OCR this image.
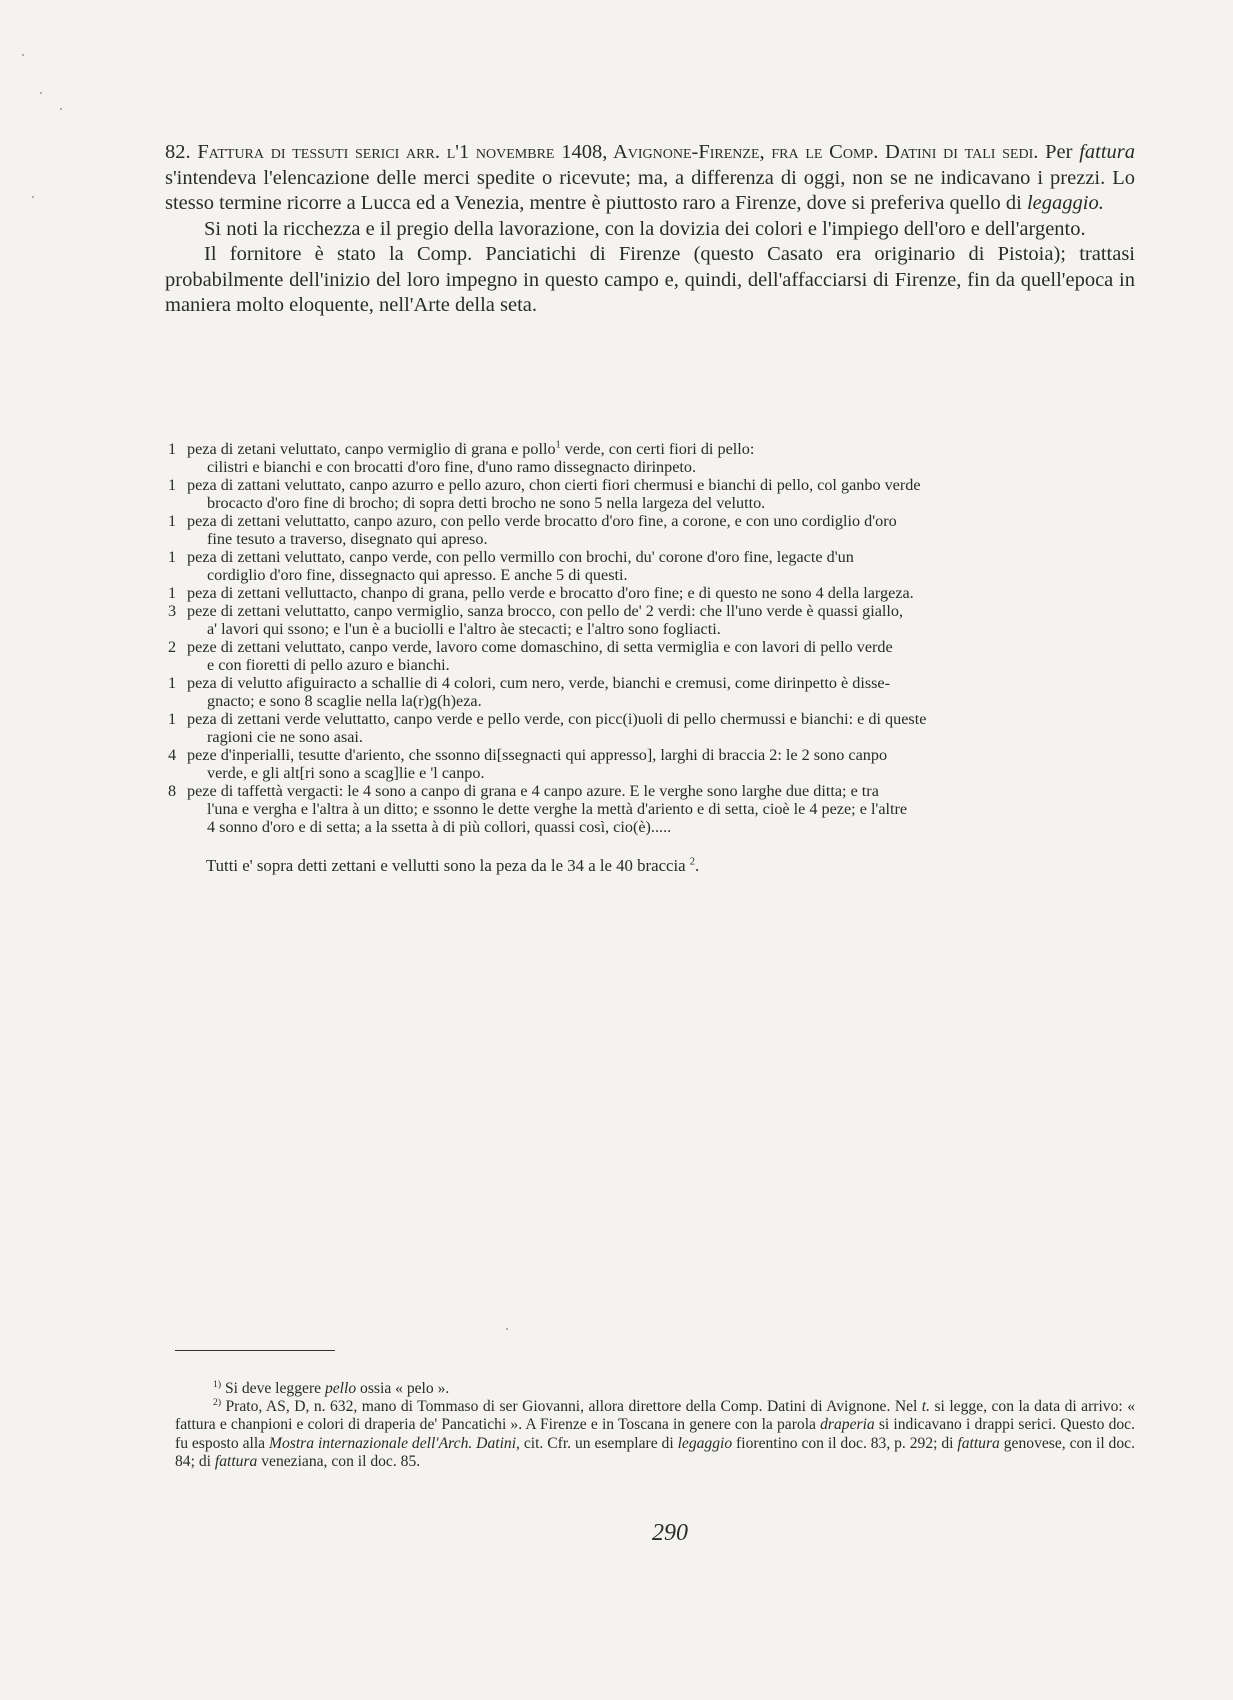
82. Fattura di tessuti serici arr. l'1 novembre 1408, Avignone-Firenze, fra le Comp. Datini di tali sedi. Per fattura s'intendeva l'elencazione delle merci spedite o ricevute; ma, a differenza di oggi, non se ne indicavano i prezzi. Lo stesso termine ricorre a Lucca ed a Venezia, mentre è piuttosto raro a Firenze, dove si preferiva quello di legaggio.

Si noti la ricchezza e il pregio della lavorazione, con la dovizia dei colori e l'impiego dell'oro e dell'argento.

Il fornitore è stato la Comp. Panciatichi di Firenze (questo Casato era originario di Pistoia); trattasi probabilmente dell'inizio del loro impegno in questo campo e, quindi, dell'affacciarsi di Firenze, fin da quell'epoca in maniera molto eloquente, nell'Arte della seta.

1 peza di zetani veluttato, canpo vermiglio di grana e pollo$^1$ verde, con certi fiori di pello:
cilistri e bianchi e con brocatti d'oro fine, d'uno ramo dissegnacto dirinpeto.

1 peza di zattani veluttato, canpo azurro e pello azuro, chon cierti fiori chermusi e bianchi di pello, col ganbo verde
brocacto d'oro fine di brocho; di sopra detti brocho ne sono 5 nella largeza del velutto.

1 peza di zettani veluttatto, canpo azuro, con pello verde brocatto d'oro fine, a corone, e con uno cordiglio d'oro
fine tesuto a traverso, disegnato qui apreso.

1 peza di zettani veluttato, canpo verde, con pello vermillo con brochi, du' corone d'oro fine, legacte d'un
cordiglio d'oro fine, dissegnacto qui apresso. E anche 5 di questi.

1 peza di zettani velluttacto, chanpo di grana, pello verde e brocatto d'oro fine; e di questo ne sono 4 della largeza.

3 peze di zettani veluttatto, canpo vermiglio, sanza brocco, con pello de' 2 verdi: che ll'uno verde è quassi giallo,
a' lavori qui ssono; e l'un è a buciolli e l'altro àe stecacti; e l'altro sono fogliacti.

2 peze di zettani veluttato, canpo verde, lavoro come domaschino, di setta vermiglia e con lavori di pello verde
e con fioretti di pello azuro e bianchi.

1 peza di velutto afiguiracto a schallie di 4 colori, cum nero, verde, bianchi e cremusi, come dirinpetto è disse-
gnacto; e sono 8 scaglie nella la(r)g(h)eza.

1 peza di zettani verde veluttatto, canpo verde e pello verde, con picc(i)uoli di pello chermussi e bianchi: e di queste
ragioni cie ne sono asai.

4 peze d'inperialli, tesutte d'ariento, che ssonno di[ssegnacti qui appresso], larghi di braccia 2: le 2 sono canpo
verde, e gli alt[ri sono a scag]lie e 'l canpo.

8 peze di taffettà vergacti: le 4 sono a canpo di grana e 4 canpo azure. E le verghe sono larghe due ditta; e tra
l'una e vergha e l'altra à un ditto; e ssonno le dette verghe la mettà d'ariento e di setta, cioè le 4 peze; e l'altre
4 sonno d'oro e di setta; a la ssetta à di più collori, quassi così, cio(è).....

Tutti e' sopra detti zettani e vellutti sono la peza da le 34 a le 40 braccia $^2$.

$^{1)}$ Si deve leggere pello ossia « pelo ».

$^{2)}$ Prato, AS, D, n. 632, mano di Tommaso di ser Giovanni, allora direttore della Comp. Datini di Avignone. Nel t. si legge, con la data di arrivo: « fattura e chanpioni e colori di draperia de' Pancatichi ». A Firenze e in Toscana in genere con la parola draperia si indicavano i drappi serici. Questo doc. fu esposto alla Mostra internazionale dell'Arch. Datini, cit. Cfr. un esemplare di legaggio fiorentino con il doc. 83, p. 292; di fattura genovese, con il doc. 84; di fattura veneziana, con il doc. 85.

290
